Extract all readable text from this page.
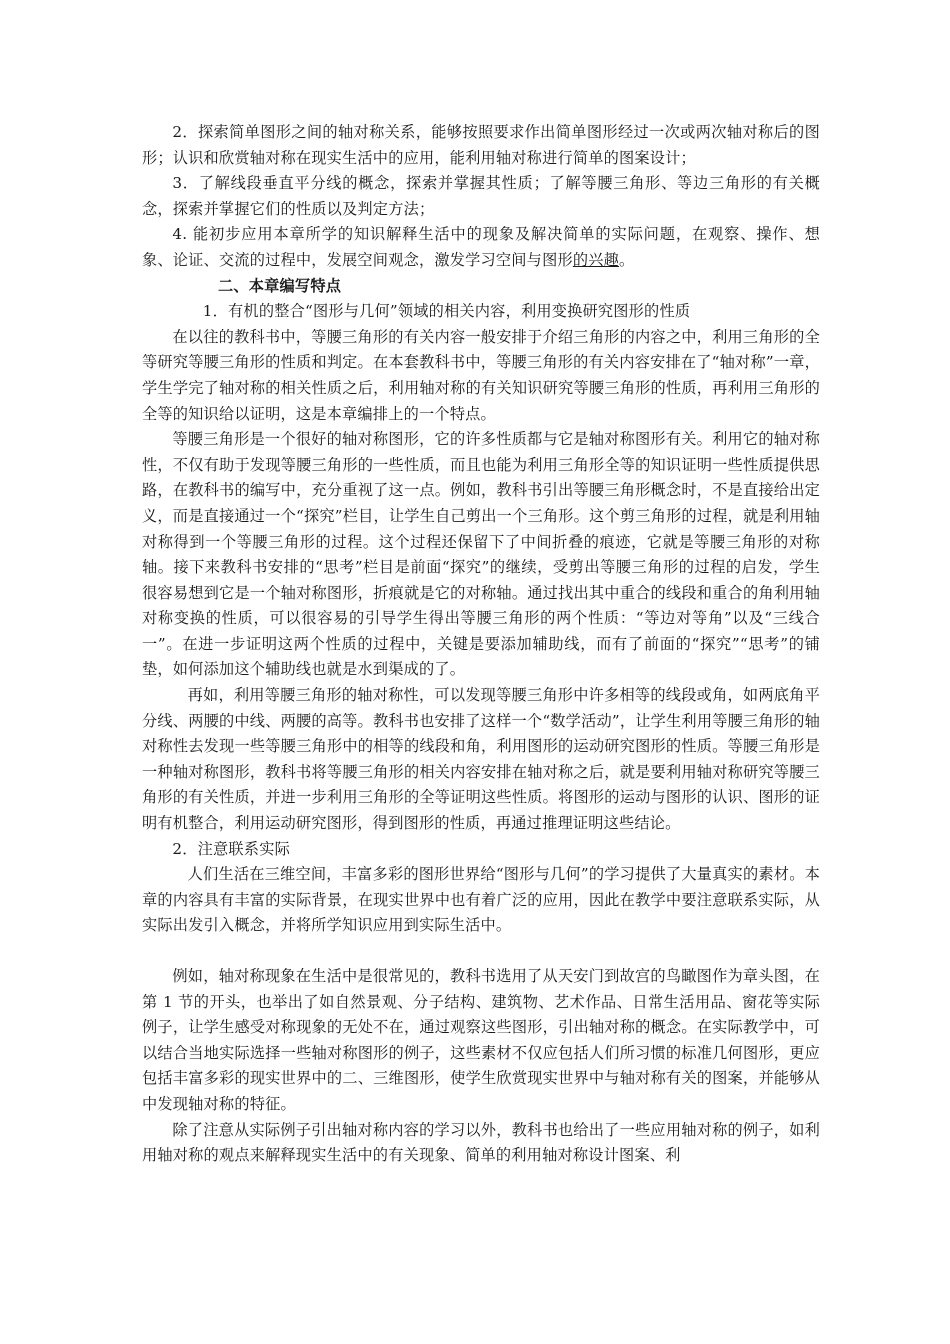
2．探索简单图形之间的轴对称关系，能够按照要求作出简单图形经过一次或两次轴对称后的图形；认识和欣赏轴对称在现实生活中的应用，能利用轴对称进行简单的图案设计；

3．了解线段垂直平分线的概念，探索并掌握其性质；了解等腰三角形、等边三角形的有关概念，探索并掌握它们的性质以及判定方法；

4. 能初步应用本章所学的知识解释生活中的现象及解决简单的实际问题，在观察、操作、想象、论证、交流的过程中，发展空间观念，激发学习空间与图形的兴趣。

二、本章编写特点

1．有机的整合“图形与几何”领域的相关内容，利用变换研究图形的性质

在以往的教科书中，等腰三角形的有关内容一般安排于介绍三角形的内容之中，利用三角形的全等研究等腰三角形的性质和判定。在本套教科书中，等腰三角形的有关内容安排在了“轴对称”一章，学生学完了轴对称的相关性质之后，利用轴对称的有关知识研究等腰三角形的性质，再利用三角形的全等的知识给以证明，这是本章编排上的一个特点。

等腰三角形是一个很好的轴对称图形，它的许多性质都与它是轴对称图形有关。利用它的轴对称性，不仅有助于发现等腰三角形的一些性质，而且也能为利用三角形全等的知识证明一些性质提供思路，在教科书的编写中，充分重视了这一点。例如，教科书引出等腰三角形概念时，不是直接给出定义，而是直接通过一个“探究”栏目，让学生自己剪出一个三角形。这个剪三角形的过程，就是利用轴对称得到一个等腰三角形的过程。这个过程还保留下了中间折叠的痕迹，它就是等腰三角形的对称轴。接下来教科书安排的“思考”栏目是前面“探究”的继续，受剪出等腰三角形的过程的启发，学生很容易想到它是一个轴对称图形，折痕就是它的对称轴。通过找出其中重合的线段和重合的角利用轴对称变换的性质，可以很容易的引导学生得出等腰三角形的两个性质：“等边对等角”以及“三线合一”。在进一步证明这两个性质的过程中，关键是要添加辅助线，而有了前面的“探究”“思考”的铺垫，如何添加这个辅助线也就是水到渠成的了。

再如，利用等腰三角形的轴对称性，可以发现等腰三角形中许多相等的线段或角，如两底角平分线、两腰的中线、两腰的高等。教科书也安排了这样一个“数学活动”，让学生利用等腰三角形的轴对称性去发现一些等腰三角形中的相等的线段和角，利用图形的运动研究图形的性质。等腰三角形是一种轴对称图形，教科书将等腰三角形的相关内容安排在轴对称之后，就是要利用轴对称研究等腰三角形的有关性质，并进一步利用三角形的全等证明这些性质。将图形的运动与图形的认识、图形的证明有机整合，利用运动研究图形，得到图形的性质，再通过推理证明这些结论。

2．注意联系实际

人们生活在三维空间，丰富多彩的图形世界给“图形与几何”的学习提供了大量真实的素材。本章的内容具有丰富的实际背景，在现实世界中也有着广泛的应用，因此在教学中要注意联系实际，从实际出发引入概念，并将所学知识应用到实际生活中。

例如，轴对称现象在生活中是很常见的，教科书选用了从天安门到故宫的鸟瞰图作为章头图，在第 1 节的开头，也举出了如自然景观、分子结构、建筑物、艺术作品、日常生活用品、窗花等实际例子，让学生感受对称现象的无处不在，通过观察这些图形，引出轴对称的概念。在实际教学中，可以结合当地实际选择一些轴对称图形的例子，这些素材不仅应包括人们所习惯的标准几何图形，更应包括丰富多彩的现实世界中的二、三维图形，使学生欣赏现实世界中与轴对称有关的图案，并能够从中发现轴对称的特征。

除了注意从实际例子引出轴对称内容的学习以外，教科书也给出了一些应用轴对称的例子，如利用轴对称的观点来解释现实生活中的有关现象、简单的利用轴对称设计图案、利
